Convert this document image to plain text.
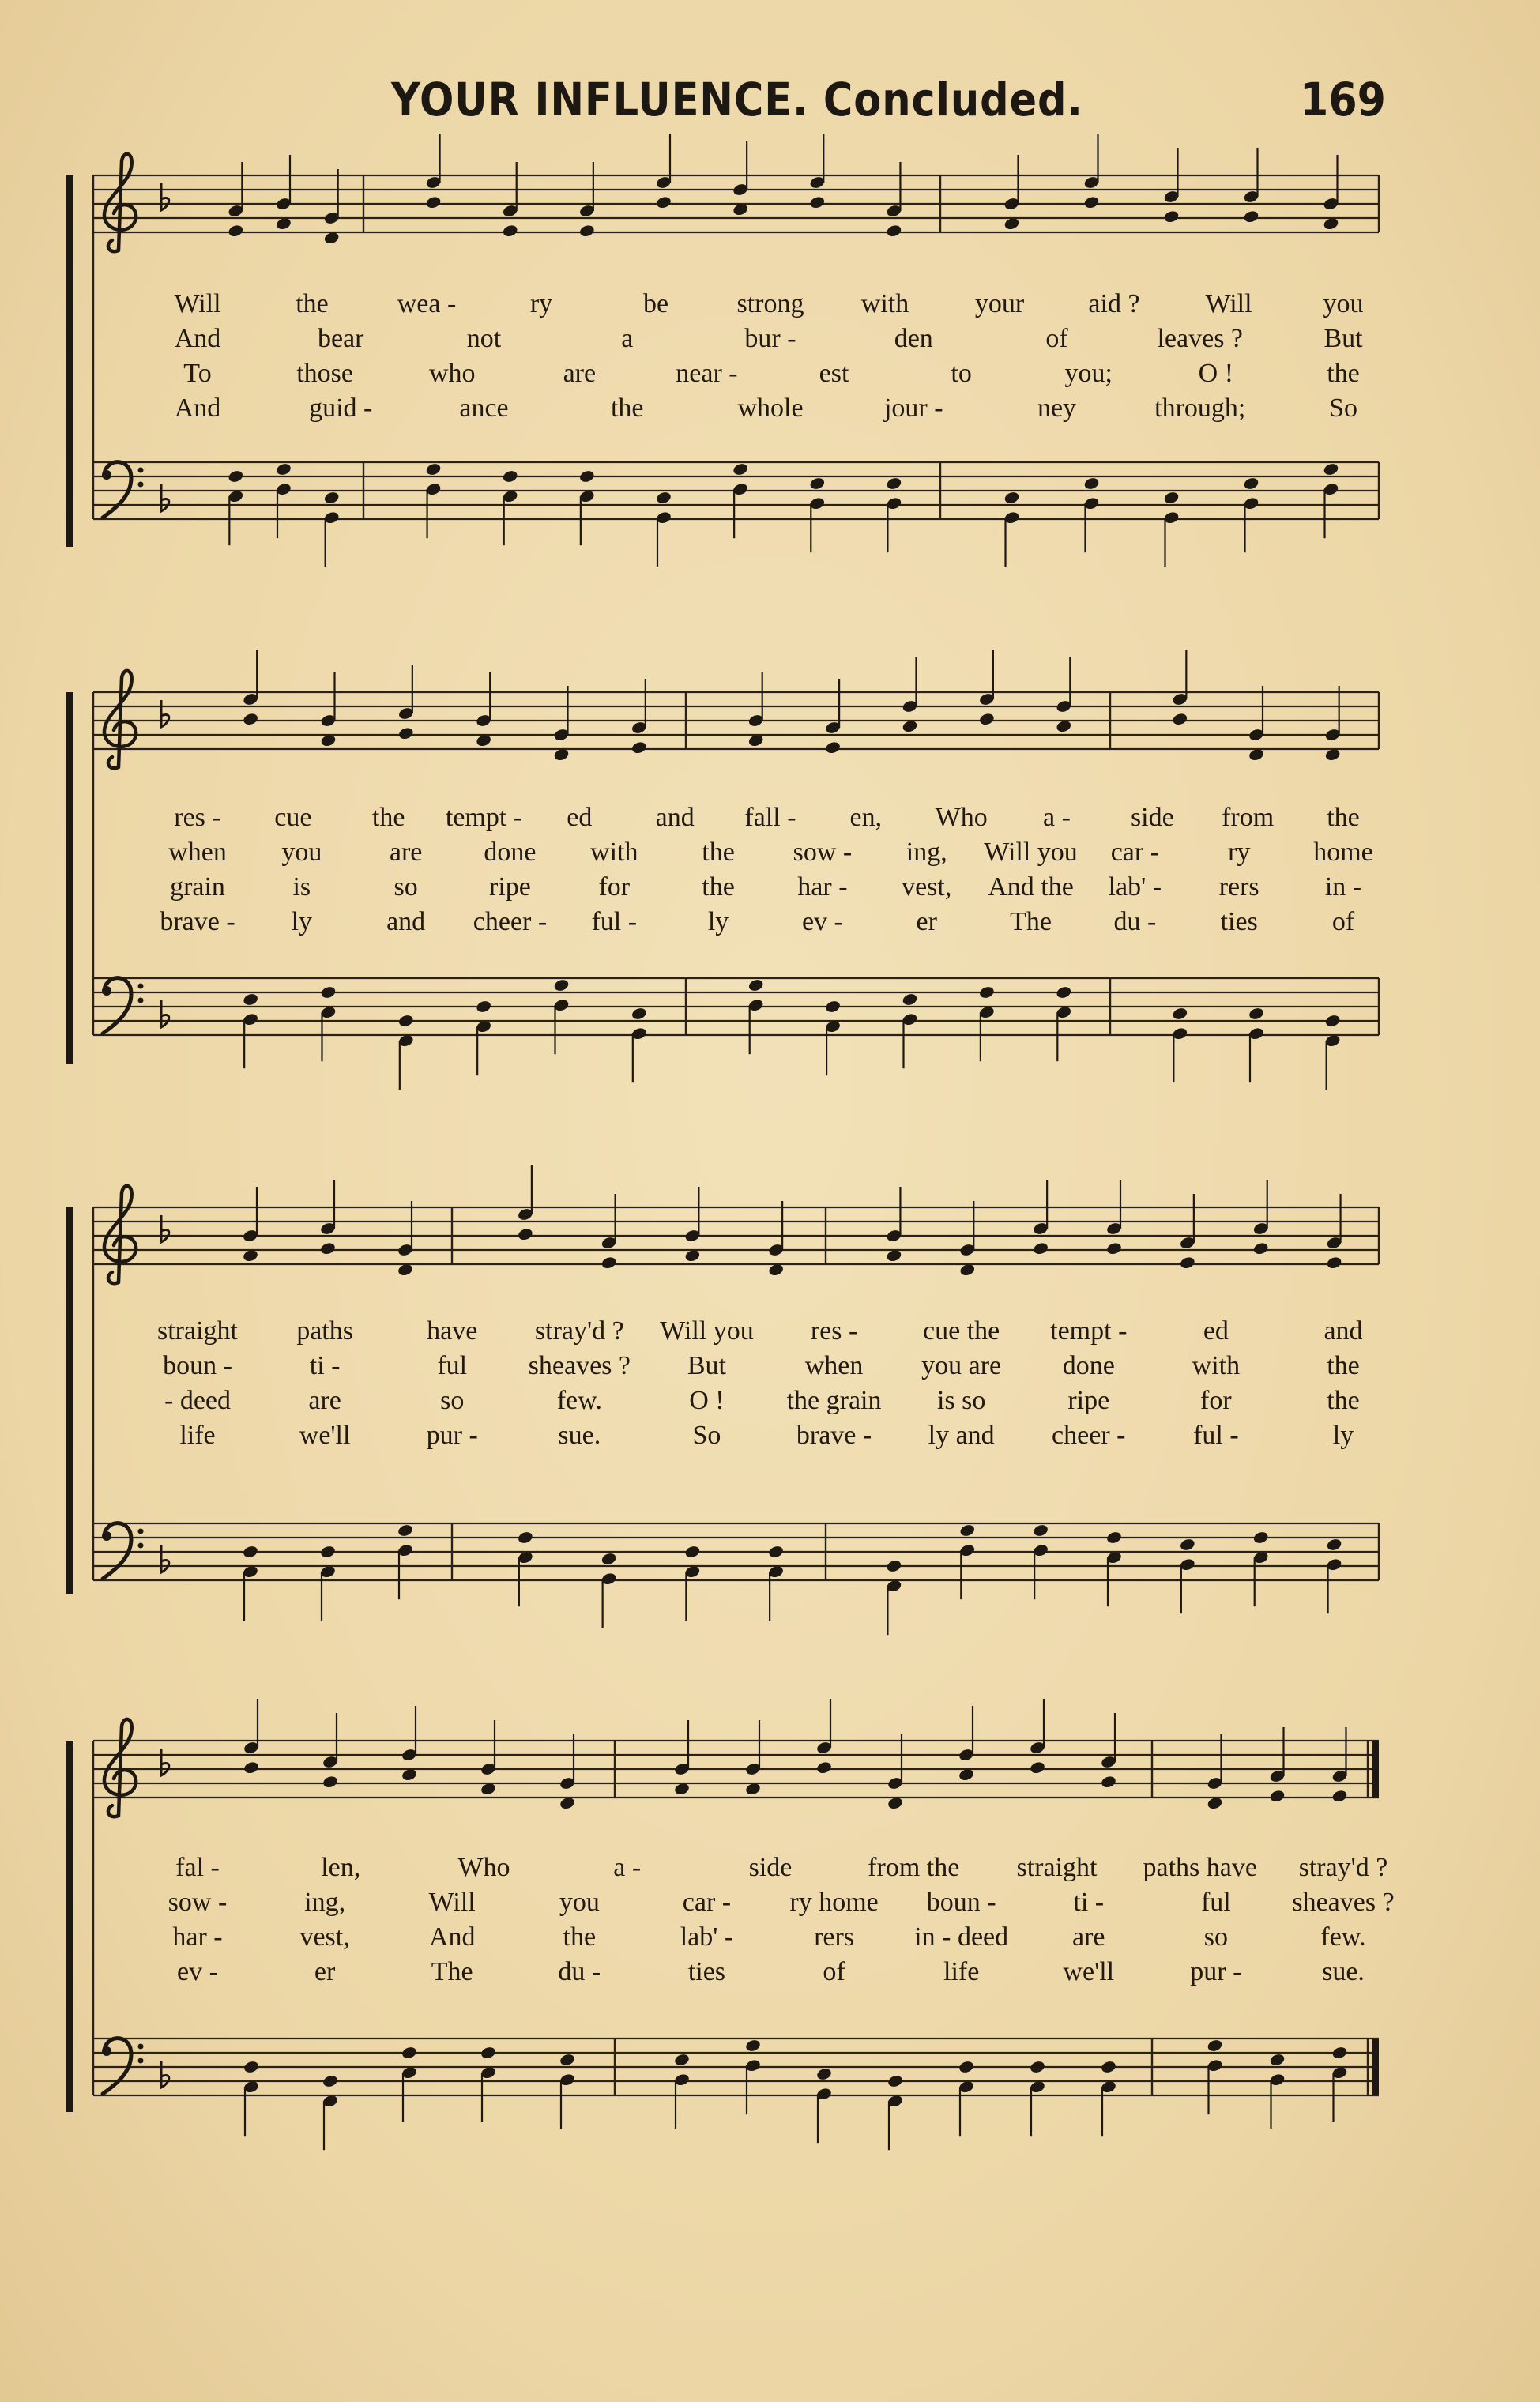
YOUR INFLUENCE. Concluded.	169
Will	the	wea -	ry	be	strong with your aid ? Will	you
And	bear	not	a	bur -	den	of	leaves ?	But
To	those	who	are	near -	est	to	you;	O !	the
And	guid -	ance	the	whole	jour -	ney	through;	So
res - cue the tempt - ed and fall - en, Who a - side from the
when you	are done with the sow - ing, Will you car -	ry home
grain	is	so	ripe	for	the har - vest, And the lab' - rers in -
brave - ly	and cheer - ful -	ly	ev -	er	The du - ties	of
straight paths	have stray'd ? Will you res - cue the tempt -	ed	and
boun -	ti -	ful sheaves ? But	when you are done	with	the
- deed	are	so	few.	O ! the grain is so	ripe	for	the
life	we'll	pur -	sue.	So	brave - ly and cheer -	ful -	ly
fal -	len,	Who	a -	side	from the straight paths have stray'd ?
sow -	ing,	Will	you	car - ry home boun -	ti -	ful sheaves ?
har -	vest,	And	the	lab' -	rers in - deed are	so	few.
ev -	er	The	du -	ties	of	life	we'll	pur -	sue.
